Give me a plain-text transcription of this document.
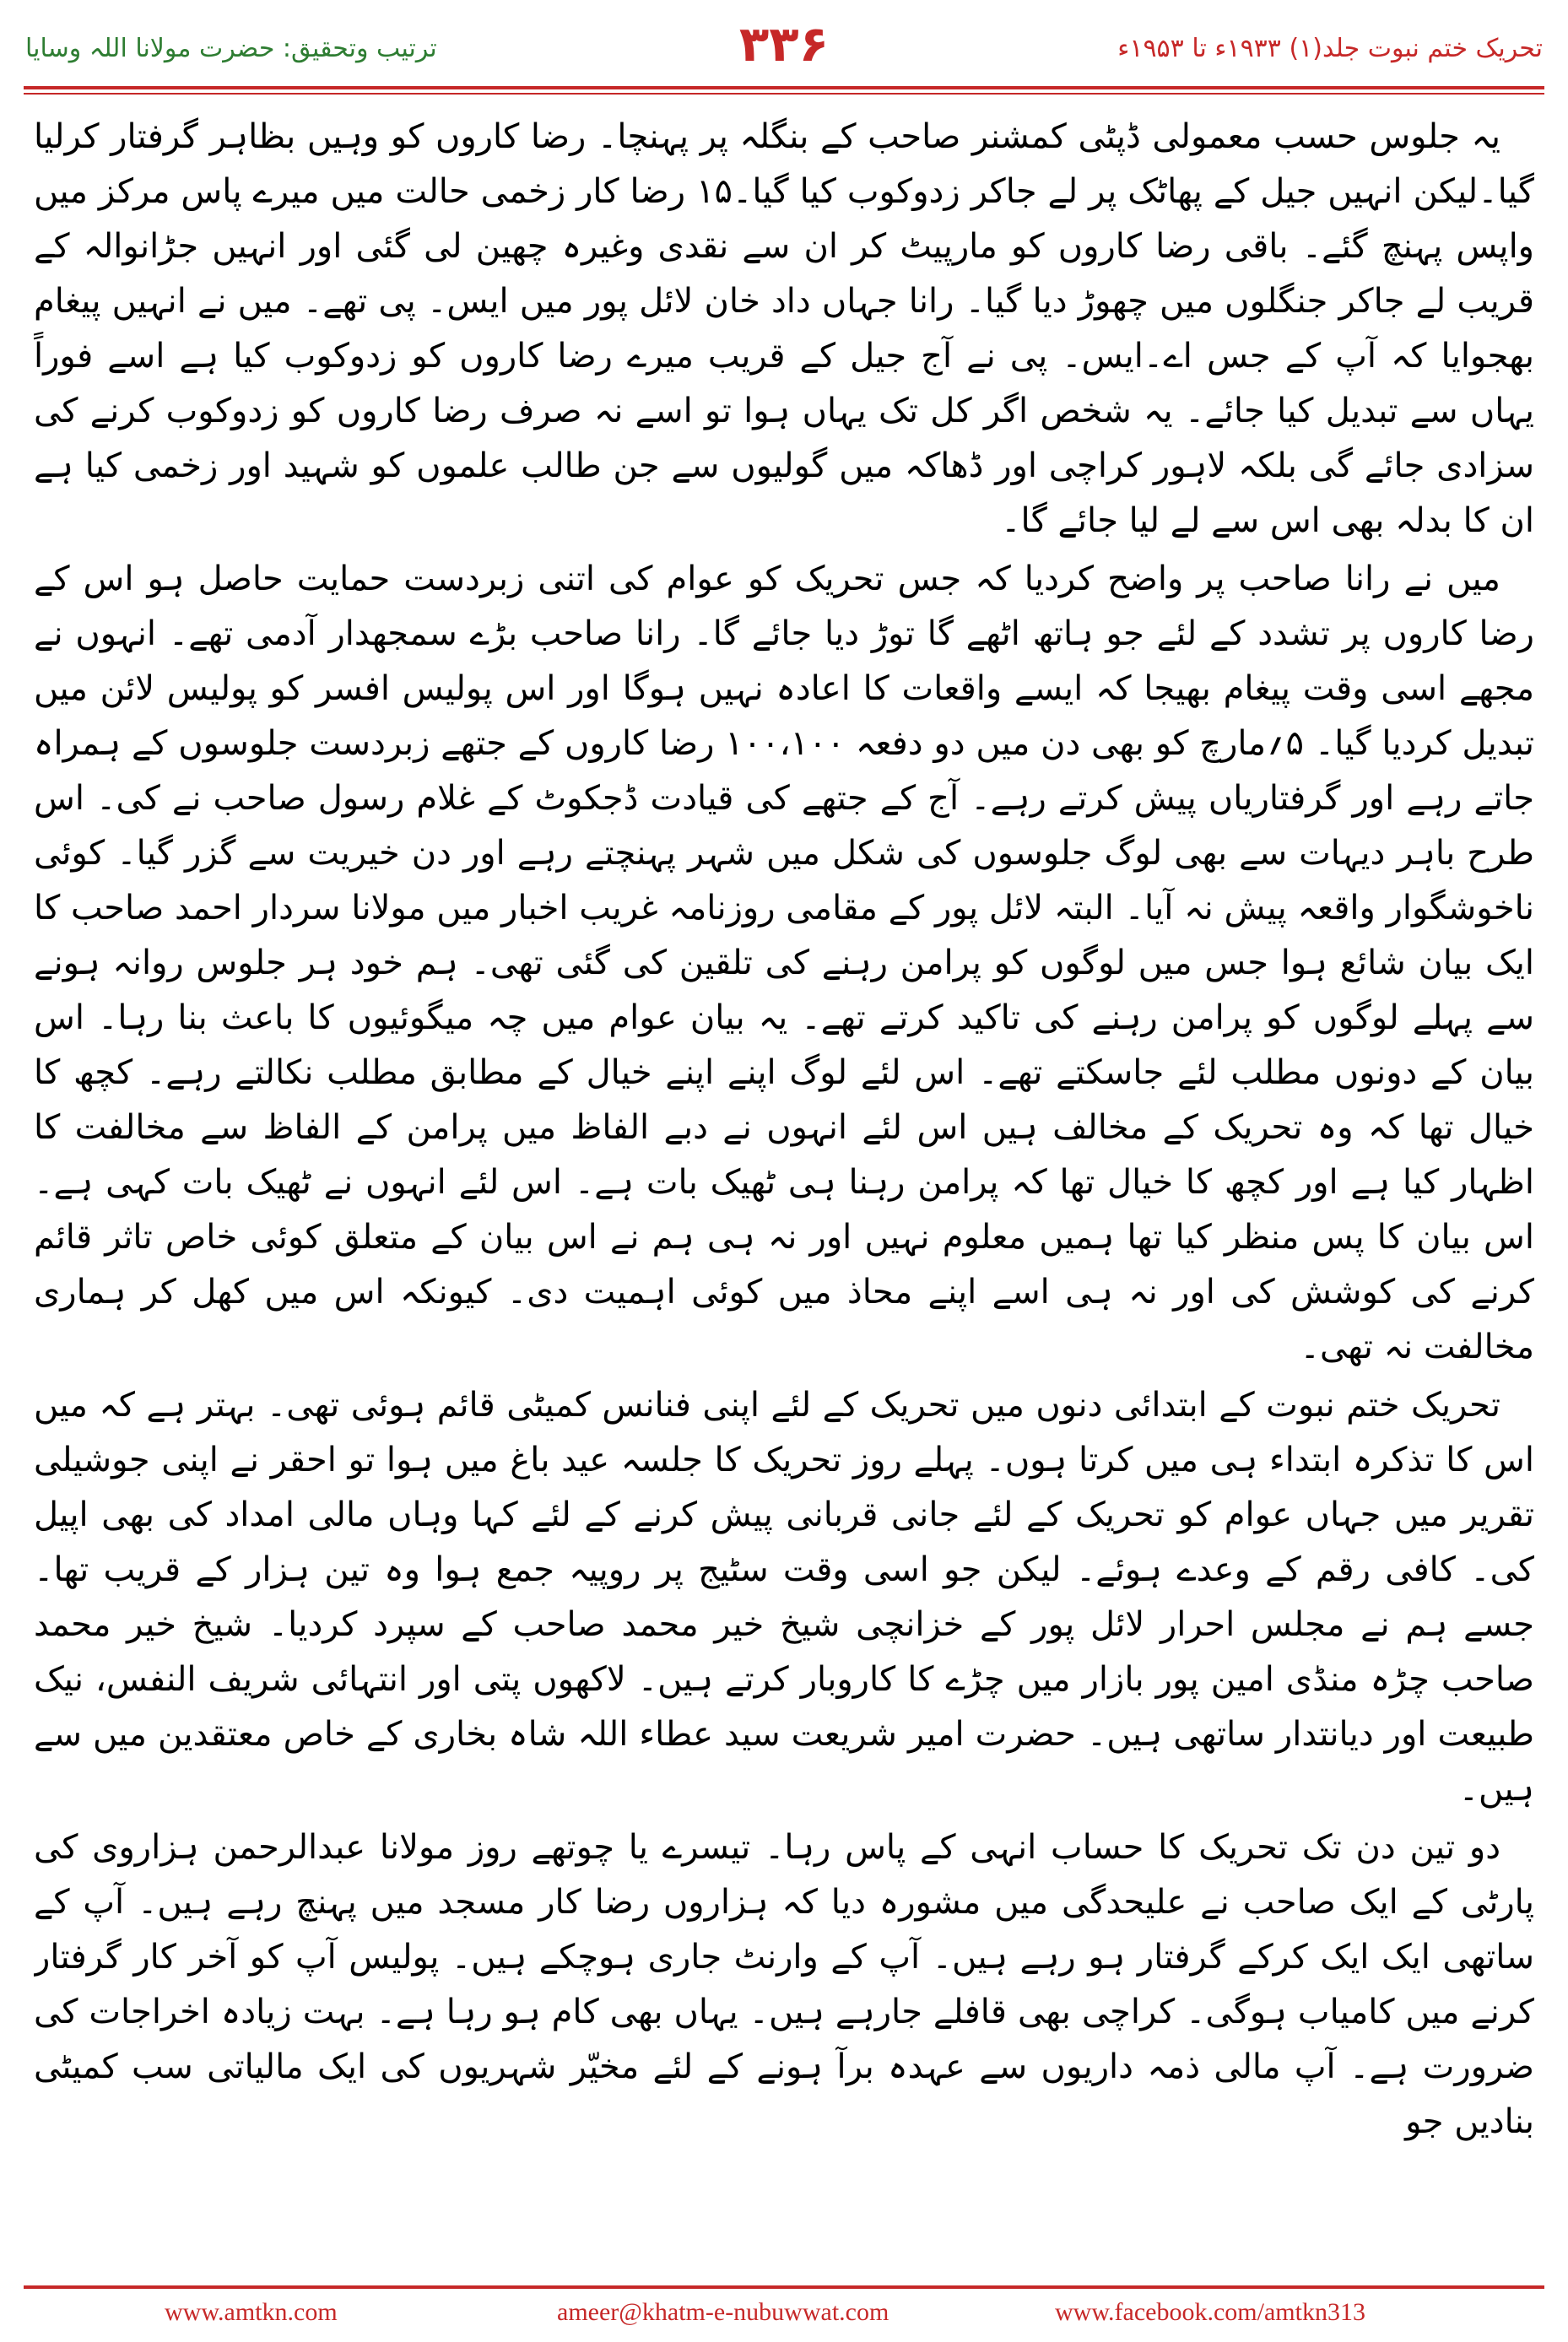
ترتیب وتحقیق: حضرت مولانا اللہ وسایا	۳۳۶	تحریک ختم نبوت جلد(۱) ۱۹۳۳ء تا ۱۹۵۳ء

یہ جلوس حسب معمولی ڈپٹی کمشنر صاحب کے بنگلہ پر پہنچا۔ رضا کاروں کو وہیں بظاہر گرفتار کرلیا گیا۔لیکن انہیں جیل کے پھاٹک پر لے جاکر زدوکوب کیا گیا۔۱۵ رضا کار زخمی حالت میں میرے پاس مرکز میں واپس پہنچ گئے۔ باقی رضا کاروں کو مارپیٹ کر ان سے نقدی وغیرہ چھین لی گئی اور انہیں جڑانوالہ کے قریب لے جاکر جنگلوں میں چھوڑ دیا گیا۔ رانا جہاں داد خان لائل پور میں ایس۔ پی تھے۔ میں نے انہیں پیغام بھجوایا کہ آپ کے جس اے۔ایس۔ پی نے آج جیل کے قریب میرے رضا کاروں کو زدوکوب کیا ہے اسے فوراً یہاں سے تبدیل کیا جائے۔ یہ شخص اگر کل تک یہاں ہوا تو اسے نہ صرف رضا کاروں کو زدوکوب کرنے کی سزادی جائے گی بلکہ لاہور کراچی اور ڈھاکہ میں گولیوں سے جن طالب علموں کو شہید اور زخمی کیا ہے ان کا بدلہ بھی اس سے لے لیا جائے گا۔

میں نے رانا صاحب پر واضح کردیا کہ جس تحریک کو عوام کی اتنی زبردست حمایت حاصل ہو اس کے رضا کاروں پر تشدد کے لئے جو ہاتھ اٹھے گا توڑ دیا جائے گا۔ رانا صاحب بڑے سمجھدار آدمی تھے۔ انہوں نے مجھے اسی وقت پیغام بھیجا کہ ایسے واقعات کا اعادہ نہیں ہوگا اور اس پولیس افسر کو پولیس لائن میں تبدیل کردیا گیا۔ ۵؍مارچ کو بھی دن میں دو دفعہ ۱۰۰،۱۰۰ رضا کاروں کے جتھے زبردست جلوسوں کے ہمراہ جاتے رہے اور گرفتاریاں پیش کرتے رہے۔ آج کے جتھے کی قیادت ڈجکوٹ کے غلام رسول صاحب نے کی۔ اس طرح باہر دیہات سے بھی لوگ جلوسوں کی شکل میں شہر پہنچتے رہے اور دن خیریت سے گزر گیا۔ کوئی ناخوشگوار واقعہ پیش نہ آیا۔ البتہ لائل پور کے مقامی روزنامہ غریب اخبار میں مولانا سردار احمد صاحب کا ایک بیان شائع ہوا جس میں لوگوں کو پرامن رہنے کی تلقین کی گئی تھی۔ ہم خود ہر جلوس روانہ ہونے سے پہلے لوگوں کو پرامن رہنے کی تاکید کرتے تھے۔ یہ بیان عوام میں چہ میگوئیوں کا باعث بنا رہا۔ اس بیان کے دونوں مطلب لئے جاسکتے تھے۔ اس لئے لوگ اپنے اپنے خیال کے مطابق مطلب نکالتے رہے۔ کچھ کا خیال تھا کہ وہ تحریک کے مخالف ہیں اس لئے انہوں نے دبے الفاظ میں پرامن کے الفاظ سے مخالفت کا اظہار کیا ہے اور کچھ کا خیال تھا کہ پرامن رہنا ہی ٹھیک بات ہے۔ اس لئے انہوں نے ٹھیک بات کہی ہے۔ اس بیان کا پس منظر کیا تھا ہمیں معلوم نہیں اور نہ ہی ہم نے اس بیان کے متعلق کوئی خاص تاثر قائم کرنے کی کوشش کی اور نہ ہی اسے اپنے محاذ میں کوئی اہمیت دی۔ کیونکہ اس میں کھل کر ہماری مخالفت نہ تھی۔

تحریک ختم نبوت کے ابتدائی دنوں میں تحریک کے لئے اپنی فنانس کمیٹی قائم ہوئی تھی۔ بہتر ہے کہ میں اس کا تذکرہ ابتداء ہی میں کرتا ہوں۔ پہلے روز تحریک کا جلسہ عید باغ میں ہوا تو احقر نے اپنی جوشیلی تقریر میں جہاں عوام کو تحریک کے لئے جانی قربانی پیش کرنے کے لئے کہا وہاں مالی امداد کی بھی اپیل کی۔ کافی رقم کے وعدے ہوئے۔ لیکن جو اسی وقت سٹیج پر روپیہ جمع ہوا وہ تین ہزار کے قریب تھا۔ جسے ہم نے مجلس احرار لائل پور کے خزانچی شیخ خیر محمد صاحب کے سپرد کردیا۔ شیخ خیر محمد صاحب چڑہ منڈی امین پور بازار میں چڑے کا کاروبار کرتے ہیں۔ لاکھوں پتی اور انتہائی شریف النفس، نیک طبیعت اور دیانتدار ساتھی ہیں۔ حضرت امیر شریعت سید عطاء اللہ شاہ بخاری کے خاص معتقدین میں سے ہیں۔

دو تین دن تک تحریک کا حساب انہی کے پاس رہا۔ تیسرے یا چوتھے روز مولانا عبدالرحمن ہزاروی کی پارٹی کے ایک صاحب نے علیحدگی میں مشورہ دیا کہ ہزاروں رضا کار مسجد میں پہنچ رہے ہیں۔ آپ کے ساتھی ایک ایک کرکے گرفتار ہو رہے ہیں۔ آپ کے وارنٹ جاری ہوچکے ہیں۔ پولیس آپ کو آخر کار گرفتار کرنے میں کامیاب ہوگی۔ کراچی بھی قافلے جارہے ہیں۔ یہاں بھی کام ہو رہا ہے۔ بہت زیادہ اخراجات کی ضرورت ہے۔ آپ مالی ذمہ داریوں سے عہدہ برآ ہونے کے لئے مخیّر شہریوں کی ایک مالیاتی سب کمیٹی بنادیں جو

www.amtkn.com	ameer@khatm-e-nubuwwat.com	www.facebook.com/amtkn313
